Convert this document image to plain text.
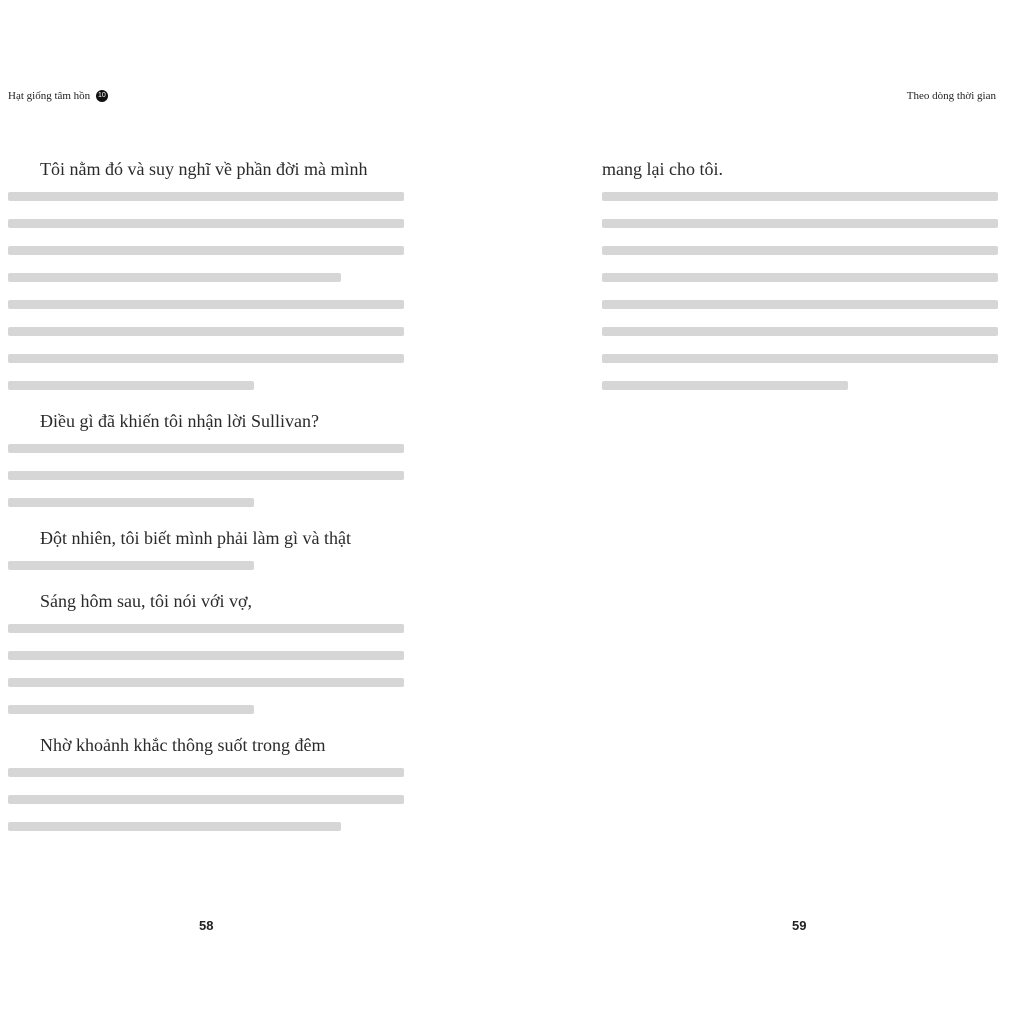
Hạt giống tâm hồn 10

Tôi nằm đó và suy nghĩ về phần đời mà mình

Điều gì đã khiến tôi nhận lời Sullivan?

Đột nhiên, tôi biết mình phải làm gì và thật

Sáng hôm sau, tôi nói với vợ,

Nhờ khoảnh khắc thông suốt trong đêm

58
Theo dòng thời gian

mang lại cho tôi.

59
